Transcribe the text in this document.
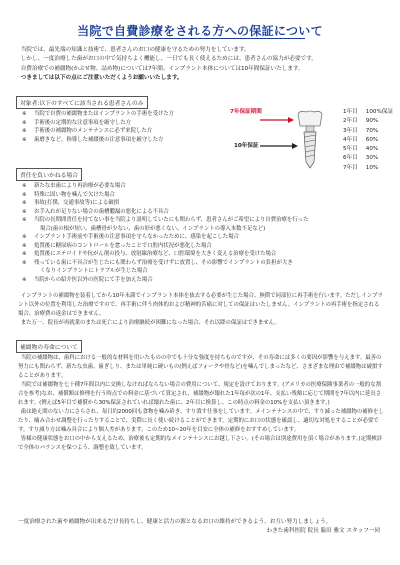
当院で自費診療をされる方への保証について

当院では、最先端の知識と技術で、患者さんのお口の健康を守るための努力をしています。

しかし、一度治療した歯がお口の中で気持ちよく機能し、一日でも長く使えるためには、患者さんの協力が必要です。

自費治療での補綴物(かぶせ物、詰め物)については7年間、インプラント本体については10年間保証いたします。

つきましては以下の点にご注意いただくようお願いいたします。

対象者:以下のすべてに該当される患者さんのみ
※ 当院で自費の補綴物またはインプラントの手術を受けた方
※ 手術後の定期的な注意事項を厳守した方
※ 手術後の補綴物のメンテナンスに必ず来院した方
※ 歯磨きなど、指導した補綴後の注意事項を厳守した方
7年保証期間
10年保証
1年目 100%保証
2年目 90%
3年目 70%
4年目 60%
5年目 40%
6年目 30%
7年目 10%
責任を負いかねる場合
※ 新たな虫歯により再治療が必要な場合
※ 特殊に固い物を噛んで欠けた場合
※ 事故(打撲、交通事故等)による破損
※ お手入れが足りない場合の歯槽膿漏の悪化による不具合
※ 当院の長期間責任を持てない事を当院より説明していたにも関わらず、患者さんがご希望により自費治療を行った
場合(歯の根が短い、歯槽骨が少ない、歯の形が悪くない、インプラントの導入本数不足など)
※ インプラント手術前や手術後の注意事項を守らなかったために、感染を起こした場合
※ 処置後に糖尿病のコントロールを怠ったことで口腔内状況が悪化した場合
※ 処置後にステロイドや抗がん剤の投与、放射線治療など、口腔環境を大きく変える治療を受けた場合
※ 残っている歯に不具合が生じたにも関わらず治療を受けずに放置し、その影響でインプラントの負担が大き
くなりインプラントにトラブルが生じた場合
※ 当院からの紹介医以外の医院にて手を加えた場合

インプラントの補綴物を装着してから10年未満でインプラント本体を抜去する必要が生じた場合、無償で同部位に再手術を行います。ただしインプラント以外の位置を利用した治療ですので、再手術に伴う肉体的および精神的苦痛に対しての保証はいたしません。インプラントの再手術を指定される場合、治療費の返金はできません。

また万一、院長が再就業のまたは死亡により治療継続が困難になった場合、それ以降の保証はできません。

補綴物の寿命について

当院の補綴物は、歯科における一般的な材料を用いたものの中でも十分な強度を持ちものですが、その寿命には多くの要因が影響を与えます。最善の努力にも関わらず、新たな虫歯、歯ぎしり、または単純に硬いもの(例えばフォークや骨など)を噛んでしまったなど、さまざまな理由で補綴物は破損することがあります。

当院では補綴物を七十種7年間以内に交換しなければならない場合の費用について、規定を設けております。(アメリカの医療保険事業者の一般的な割合を参考)なお、補償額は修理を行う時点での料金に基づいて算定され、補綴物が壊れた1年毎が次の1年、支払い残額に応じて期間を7年以内に延長されます。(例えば5年目で補償から30%保証されていれば壊れた歯に、2年目に換算し、この時点の料金の10%を支払い頂きます。)

歯は絶え間のない力にさらされ、毎日約2000回も食物を噛み砕き、すり潰す仕事をしています。メインテナンスの中で、すり減った補綴物の補修をしたり、嚙み合わせ調整を行ったりすることで、実際に長く使い続けることができます。定期的にお口の状態を確認し、適切な対処をすることが必要です。すり減り方は噛み具合により個人差があります。このため10~20年を目安に全体の補修をおすすめしています。

皆様の健康状態をお口の中から支えるため、治療後も定期的なメインテナンスにお越し下さい。(その場合は別途費用を頂く場合があります。)定期検診で全体のバランスを保つよう、調整を致しています。

一度治療された歯や補綴物が出来るだけ長持ちし、健康と活力の源となるお口の維持ができるよう、お互い努力しましょう。
わきた歯科医院 院長 脇田 雅文 スタッフ一同
